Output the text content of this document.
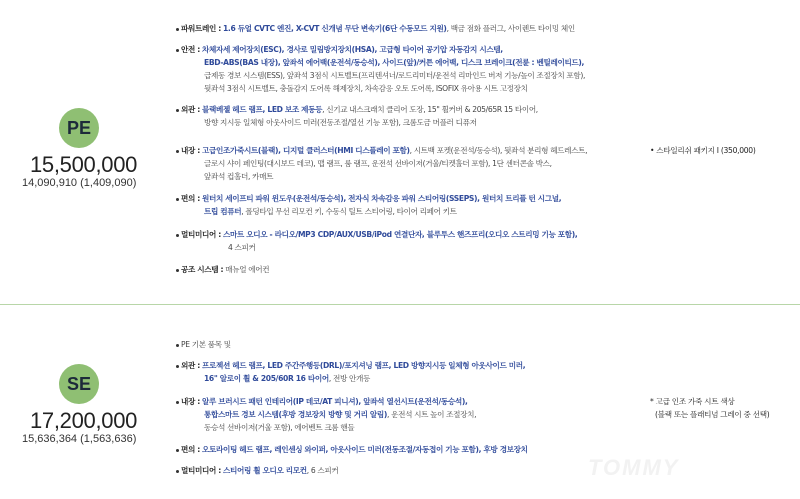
PE
15,500,000
14,090,910 (1,409,090)
파워트레인 : 1.6 듀얼 CVTC 엔진, X-CVT 신개념 무단 변속기(6단 수동모드 지원), 백금 점화 플러그, 사이렌트 타이밍 체인
안전 : 차체자세 제어장치(ESC), 경사로 밀림방지장치(HSA), 고급형 타이어 공기압 자동감지 시스템,
EBD-ABS(BAS 내장), 앞좌석 에어백(운전석/동승석), 사이드(앞)/커튼 에어백, 디스크 브레이크(전륜 : 벤틸레이티드),
급제동 경보 시스템(ESS), 앞좌석 3점식 시트벨트(프리텐셔너/로드리미터/운전석 리마인드 버저 기능/높이 조절장치 포함),
뒷좌석 3점식 시트벨트, 충돌감지 도어록 해제장치, 차속감응 오토 도어록, ISOFIX 유아용 시트 고정장치
외관 : 블랙베젤 헤드 램프, LED 보조 제동등, 신기교 내스크래치 클리어 도장, 15" 휠커버 & 205/65R 15 타이어,
방향 지시등 일체형 아웃사이드 미러(전동조절/열선 기능 포함), 크롬도금 머플러 디퓨저
내장 : 고급인조가죽시트(블랙), 디지털 클러스터(HMI 디스플레이 포함), 시트백 포켓(운전석/동승석), 뒷좌석 분리형 헤드레스트,
글로시 샤이 페인팅(대시보드 데코), 맵 램프, 룸 램프, 운전석 선바이저(거울/티켓홀더 포함), 1단 센터콘솔 박스,
앞좌석 컵홀더, 카매트
편의 : 원터치 세이프티 파워 윈도우(운전석/동승석), 전자식 차속감응 파워 스티어링(SSEPS), 원터치 트리플 턴 시그널,
트립 컴퓨터, 폴딩타입 무선 리모컨 키, 수동식 틸트 스티어링, 타이어 리페어 키트
멀티미디어 : 스마트 오디오 - 라디오/MP3 CDP/AUX/USB/iPod 연결단자, 블루투스 핸즈프리(오디오 스트리밍 기능 포함),
4 스피커
공조 시스템 : 매뉴얼 에어컨
• 스타일리쉬 패키지 Ⅰ (350,000)
SE
17,200,000
15,636,364 (1,563,636)
PE 기본 품목 및
외관 : 프로젝션 헤드 램프, LED 주간주행등(DRL)/포지셔닝 램프, LED 방향지시등 일체형 아웃사이드 미러,
16" 알로이 휠 & 205/60R 16 타이어, 전방 안개등
내장 : 알루 브러시드 패턴 인테리어(IP 데코/AT 피니셔), 앞좌석 열선시트(운전석/동승석),
통합스마트 경보 시스템(후방 경보장치 방향 및 거리 알림), 운전석 시트 높이 조절장치,
동승석 선바이저(거울 포함), 에어벤트 크롬 핸들
편의 : 오토라이팅 헤드 램프, 레인센싱 와이퍼, 아웃사이드 미러(전동조절/자동접이 기능 포함), 후방 경보장치
멀티미디어 : 스티어링 휠 오디오 리모컨, 6 스피커
* 고급 인조 가죽 시트 색상
(블랙 또는 플래티넘 그레이 중 선택)
TOMMY
